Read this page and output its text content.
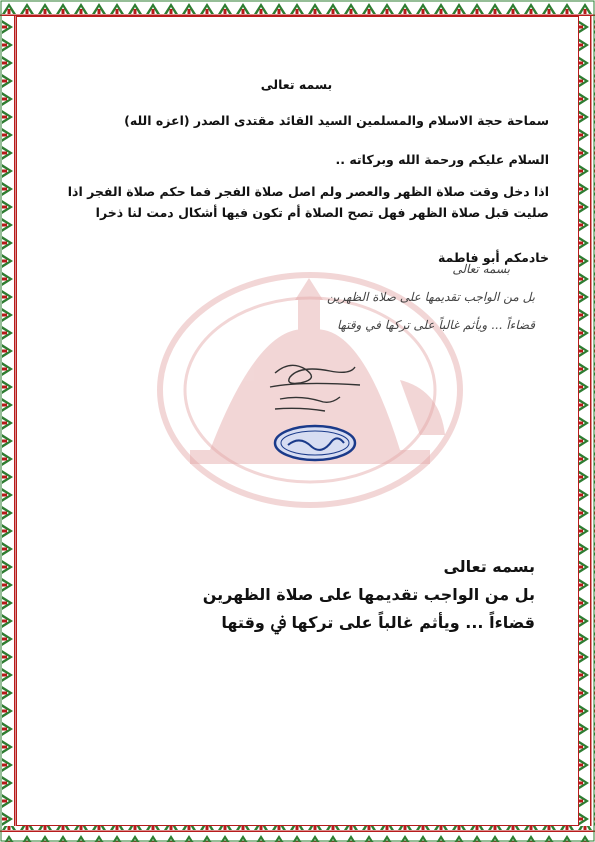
بسمه تعالى
سماحة حجة الاسلام والمسلمين السيد القائد مقتدى الصدر (اعزه الله)
السلام عليكم ورحمة الله وبركاته ..
اذا دخل وقت صلاة الظهر والعصر ولم اصل صلاة الفجر فما حكم صلاة الفجر اذا صليت قبل صلاة الظهر فهل تصح الصلاة أم تكون فيها أشكال دمت لنا ذخرا
خادمكم أبو فاطمة
بسمه تعالى
بل من الواجب تقديمها على صلاة الظهرين
قضاءاً ... ويأثم غالباً على تركها في وقتها
بسمه تعالى
بل من الواجب تقديمها على صلاة الظهرين
قضاءاً ... ويأثم غالباً على تركها ﰲ وقتها
